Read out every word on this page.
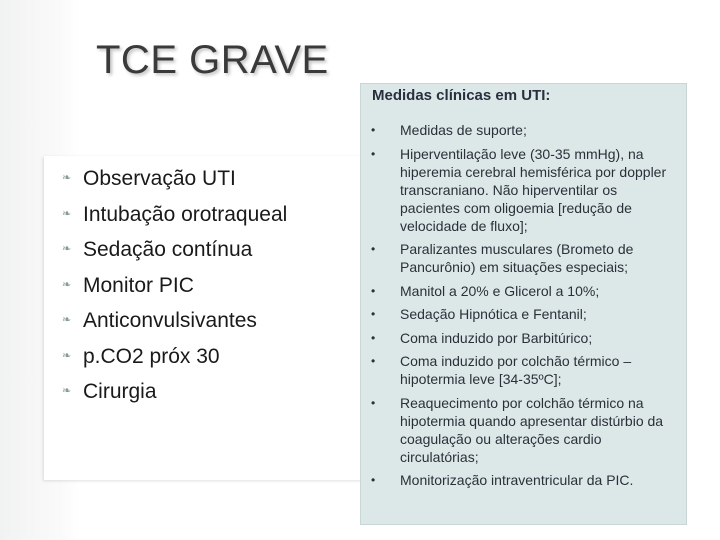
TCE GRAVE
❧ Observação UTI
❧ Intubação orotraqueal
❧ Sedação contínua
❧ Monitor PIC
❧ Anticonvulsivantes
❧ p.CO2 próx 30
❧ Cirurgia
Medidas clínicas em UTI:
•	Medidas de suporte;
•	Hiperventilação leve (30-35 mmHg), na hiperemia cerebral hemisférica por doppler transcraniano. Não hiperventilar os pacientes com oligoemia [redução de velocidade de fluxo];
•	Paralizantes musculares (Brometo de Pancurônio) em situações especiais;
•	Manitol a 20% e Glicerol a 10%;
•	Sedação Hipnótica e Fentanil;
•	Coma induzido por Barbitúrico;
•	Coma induzido por colchão térmico – hipotermia leve [34-35ºC];
•	Reaquecimento por colchão térmico na hipotermia quando apresentar distúrbio da coagulação ou alterações cardio circulatórias;
•	Monitorização intraventricular da PIC.
